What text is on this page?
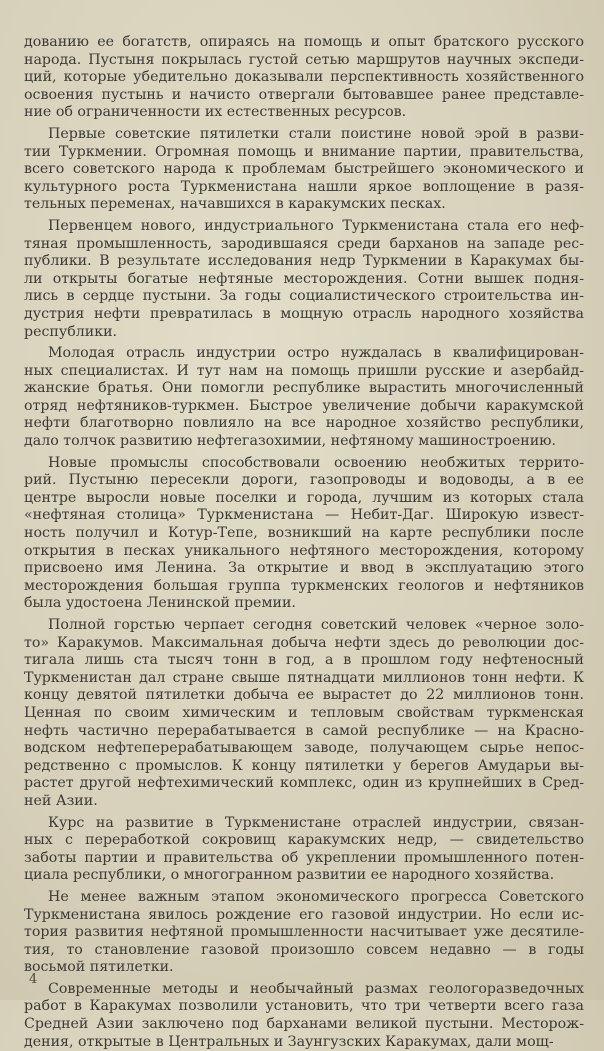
дованию ее богатств, опираясь на помощь и опыт братского русского
народа. Пустыня покрылась густой сетью маршрутов научных экспеди-
ций, которые убедительно доказывали перспективность хозяйственного
освоения пустынь и начисто отвергали бытовавшее ранее представле-
ние об ограниченности их естественных ресурсов.
Первые советские пятилетки стали поистине новой эрой в разви-
тии Туркмении. Огромная помощь и внимание партии, правительства,
всего советского народа к проблемам быстрейшего экономического и
культурного роста Туркменистана нашли яркое воплощение в разя-
тельных переменах, начавшихся в каракумских песках.
Первенцем нового, индустриального Туркменистана стала его неф-
тяная промышленность, зародившаяся среди барханов на западе рес-
публики. В результате исследования недр Туркмении в Каракумах бы-
ли открыты богатые нефтяные месторождения. Сотни вышек подня-
лись в сердце пустыни. За годы социалистического строительства ин-
дустрия нефти превратилась в мощную отрасль народного хозяйства
республики.
Молодая отрасль индустрии остро нуждалась в квалифицирован-
ных специалистах. И тут нам на помощь пришли русские и азербайд-
жанские братья. Они помогли республике вырастить многочисленный
отряд нефтяников-туркмен. Быстрое увеличение добычи каракумской
нефти благотворно повлияло на все народное хозяйство республики,
дало толчок развитию нефтегазохимии, нефтяному машиностроению.
Новые промыслы способствовали освоению необжитых террито-
рий. Пустыню пересекли дороги, газопроводы и водоводы, а в ее
центре выросли новые поселки и города, лучшим из которых стала
«нефтяная столица» Туркменистана — Небит-Даг. Широкую извест-
ность получил и Котур-Тепе, возникший на карте республики после
открытия в песках уникального нефтяного месторождения, которому
присвоено имя Ленина. За открытие и ввод в эксплуатацию этого
месторождения большая группа туркменских геологов и нефтяников
была удостоена Ленинской премии.
Полной горстью черпает сегодня советский человек «черное золо-
то» Каракумов. Максимальная добыча нефти здесь до революции дос-
тигала лишь ста тысяч тонн в год, а в прошлом году нефтеносный
Туркменистан дал стране свыше пятнадцати миллионов тонн нефти. К
концу девятой пятилетки добыча ее вырастет до 22 миллионов тонн.
Ценная по своим химическим и тепловым свойствам туркменская
нефть частично перерабатывается в самой республике — на Красно-
водском нефтеперерабатывающем заводе, получающем сырье непос-
редственно с промыслов. К концу пятилетки у берегов Амударьи вы-
растет другой нефтехимический комплекс, один из крупнейших в Сред-
ней Азии.
Курс на развитие в Туркменистане отраслей индустрии, связан-
ных с переработкой сокровищ каракумских недр, — свидетельство
заботы партии и правительства об укреплении промышленного потен-
циала республики, о многогранном развитии ее народного хозяйства.
Не менее важным этапом экономического прогресса Советского
Туркменистана явилось рождение его газовой индустрии. Но если ис-
тория развития нефтяной промышленности насчитывает уже десятиле-
тия, то становление газовой произошло совсем недавно — в годы
восьмой пятилетки.
Современные методы и необычайный размах геологоразведочных
работ в Каракумах позволили установить, что три четверти всего газа
Средней Азии заключено под барханами великой пустыни. Месторож-
дения, открытые в Центральных и Заунгузских Каракумах, дали мощ-
4
